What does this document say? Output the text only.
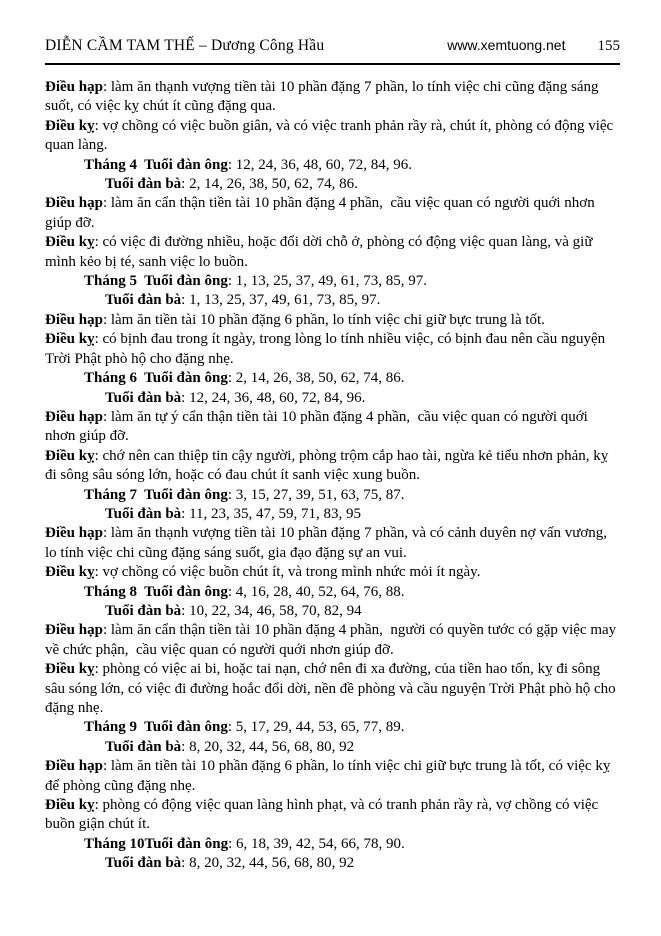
DIỄN CẦM TAM THẾ – Dương Công Hầu	www.xemtuong.net 155

Điều hạp: làm ăn thạnh vượng tiền tài 10 phần đặng 7 phần, lo tính việc chi cũng đặng sáng suốt, có việc kỵ chút ít cũng đặng qua.

Điều kỵ: vợ chồng có việc buồn giân, và có việc tranh phản rầy rà, chút ít, phòng có động việc quan làng.

Tháng 4  Tuổi đàn ông: 12, 24, 36, 48, 60, 72, 84, 96.

Tuổi đàn bà: 2, 14, 26, 38, 50, 62, 74, 86.

Điều hạp: làm ăn cẩn thận tiền tài 10 phần đặng 4 phần,  cầu việc quan có người quới nhơn giúp đỡ.

Điều kỵ: có việc đi đường nhiều, hoặc đổi dời chỗ ở, phòng có động việc quan làng, và giữ mình kẻo bị té, sanh việc lo buồn.

Tháng 5  Tuổi đàn ông: 1, 13, 25, 37, 49, 61, 73, 85, 97.

Tuổi đàn bà: 1, 13, 25, 37, 49, 61, 73, 85, 97.

Điều hạp: làm ăn tiền tài 10 phần đặng 6 phần, lo tính việc chi giữ bực trung là tốt.

Điều kỵ: có bịnh đau trong ít ngày, trong lòng lo tính nhiều việc, có bịnh đau nên cầu nguyện Trời Phật phò hộ cho đặng nhẹ.

Tháng 6  Tuổi đàn ông: 2, 14, 26, 38, 50, 62, 74, 86.

Tuổi đàn bà: 12, 24, 36, 48, 60, 72, 84, 96.

Điều hạp: làm ăn tự ý cẩn thận tiền tài 10 phần đặng 4 phần,  cầu việc quan có người quới nhơn giúp đỡ.

Điều kỵ: chớ nên can thiệp tin cậy người, phòng trộm cắp hao tài, ngừa kẻ tiểu nhơn phản, kỵ đi sông sâu sóng lớn, hoặc có đau chút ít sanh việc xung buồn.

Tháng 7  Tuổi đàn ông: 3, 15, 27, 39, 51, 63, 75, 87.

Tuổi đàn bà: 11, 23, 35, 47, 59, 71, 83, 95

Điều hạp: làm ăn thạnh vượng tiền tài 10 phần đặng 7 phần, và có cảnh duyên nợ vấn vương, lo tính việc chi cũng đặng sáng suốt, gia đạo đặng sự an vui.

Điều kỵ: vợ chồng có việc buồn chút ít, và trong mình nhức mỏi ít ngày.

Tháng 8  Tuổi đàn ông: 4, 16, 28, 40, 52, 64, 76, 88.

Tuổi đàn bà: 10, 22, 34, 46, 58, 70, 82, 94

Điều hạp: làm ăn cẩn thận tiền tài 10 phần đặng 4 phần,  người có quyền tước có gặp việc may về chức phận,  cầu việc quan có người quới nhơn giúp đỡ.

Điều kỵ: phòng có việc ai bi, hoặc tai nạn, chớ nên đi xa đường, của tiền hao tốn, kỵ đi sông sâu sóng lớn, có việc đi đường hoắc đổi dời, nền đề phòng và cầu nguyện Trời Phật phò hộ cho đặng nhẹ.

Tháng 9  Tuổi đàn ông: 5, 17, 29, 44, 53, 65, 77, 89.

Tuổi đàn bà: 8, 20, 32, 44, 56, 68, 80, 92

Điều hạp: làm ăn tiền tài 10 phần đặng 6 phần, lo tính việc chi giữ bực trung là tốt, có việc kỵ để phòng cũng đặng nhẹ.

Điều kỵ: phòng có động việc quan làng hình phạt, và có tranh phản rầy rà, vợ chồng có việc buồn giận chút ít.

Tháng 10Tuổi đàn ông: 6, 18, 39, 42, 54, 66, 78, 90.

Tuổi đàn bà: 8, 20, 32, 44, 56, 68, 80, 92
